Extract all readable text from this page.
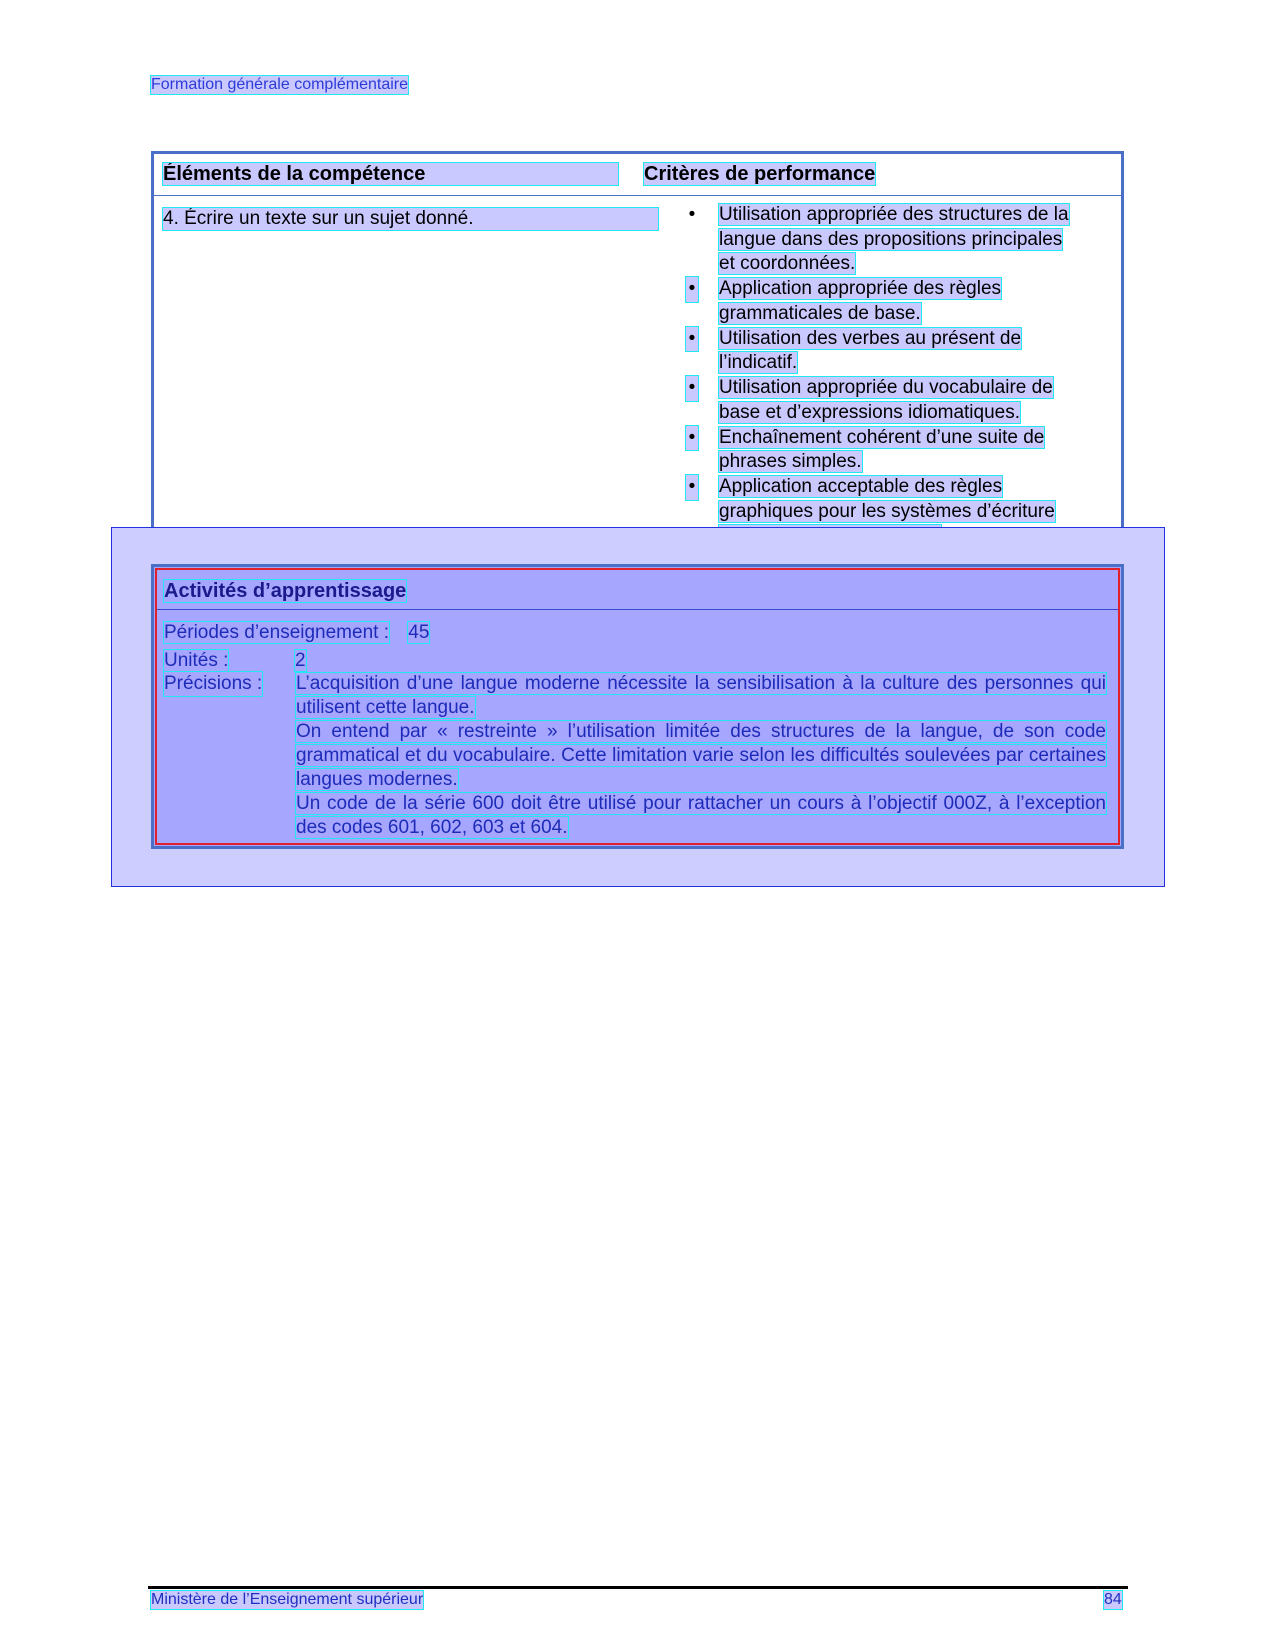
Formation générale complémentaire
Éléments de la compétence	Critères de performance
4. Écrire un texte sur un sujet donné.	• Utilisation appropriée des structures de la langue dans des propositions principales et coordonnées.
• Application appropriée des règles grammaticales de base.
• Utilisation des verbes au présent de l’indicatif.
• Utilisation appropriée du vocabulaire de base et d’expressions idiomatiques.
• Enchaînement cohérent d’une suite de phrases simples.
• Application acceptable des règles graphiques pour les systèmes d’écriture
Activités d’apprentissage
Périodes d’enseignement : 45
Unités :	2
Précisions : L’acquisition d’une langue moderne nécessite la sensibilisation à la culture des personnes qui utilisent cette langue.

On entend par « restreinte » l’utilisation limitée des structures de la langue, de son code grammatical et du vocabulaire. Cette limitation varie selon les difficultés soulevées par certaines langues modernes.

Un code de la série 600 doit être utilisé pour rattacher un cours à l’objectif 000Z, à l’exception des codes 601, 602, 603 et 604.

Ministère de l’Enseignement supérieur	84
